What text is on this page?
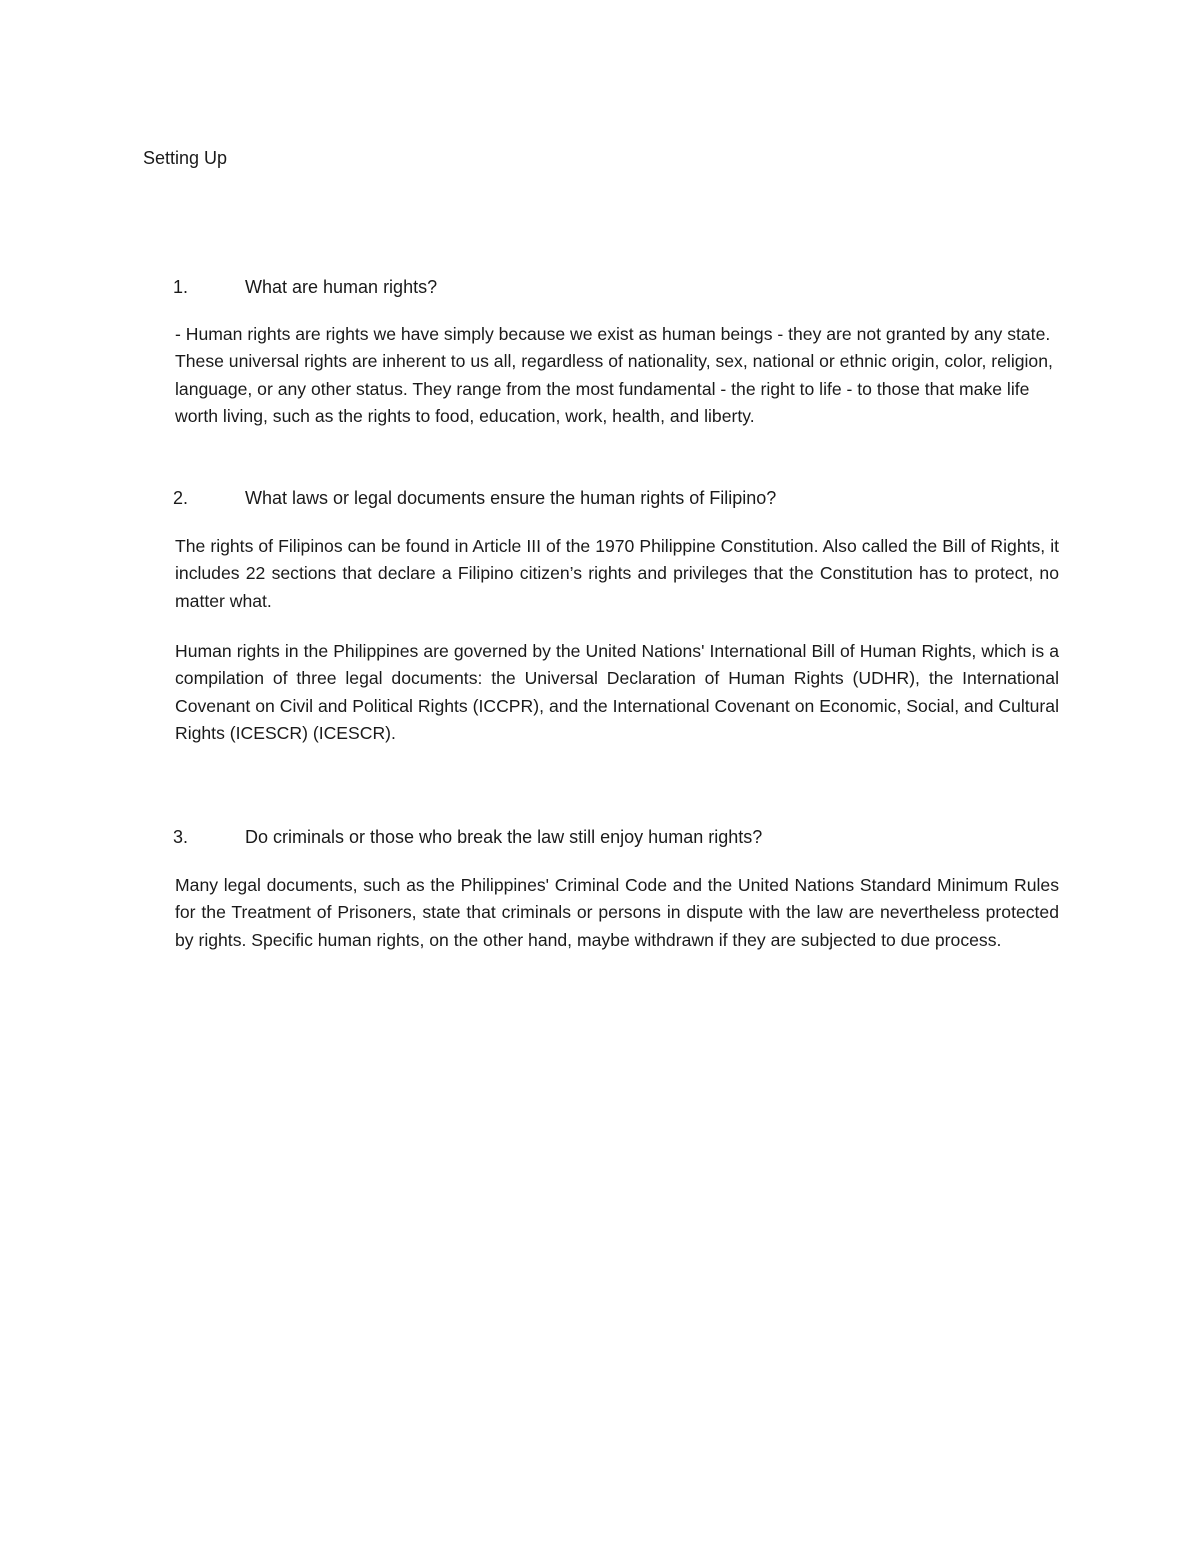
Setting Up

1.	What are human rights?

- Human rights are rights we have simply because we exist as human beings - they are not granted by any state. These universal rights are inherent to us all, regardless of nationality, sex, national or ethnic origin, color, religion, language, or any other status. They range from the most fundamental - the right to life - to those that make life worth living, such as the rights to food, education, work, health, and liberty.

2.	What laws or legal documents ensure the human rights of Filipino?

The rights of Filipinos can be found in Article III of the 1970 Philippine Constitution. Also called the Bill of Rights, it includes 22 sections that declare a Filipino citizen’s rights and privileges that the Constitution has to protect, no matter what.

Human rights in the Philippines are governed by the United Nations' International Bill of Human Rights, which is a compilation of three legal documents: the Universal Declaration of Human Rights (UDHR), the International Covenant on Civil and Political Rights (ICCPR), and the International Covenant on Economic, Social, and Cultural Rights (ICESCR) (ICESCR).

3.	Do criminals or those who break the law still enjoy human rights?

Many legal documents, such as the Philippines' Criminal Code and the United Nations Standard Minimum Rules for the Treatment of Prisoners, state that criminals or persons in dispute with the law are nevertheless protected by rights. Specific human rights, on the other hand, maybe withdrawn if they are subjected to due process.
